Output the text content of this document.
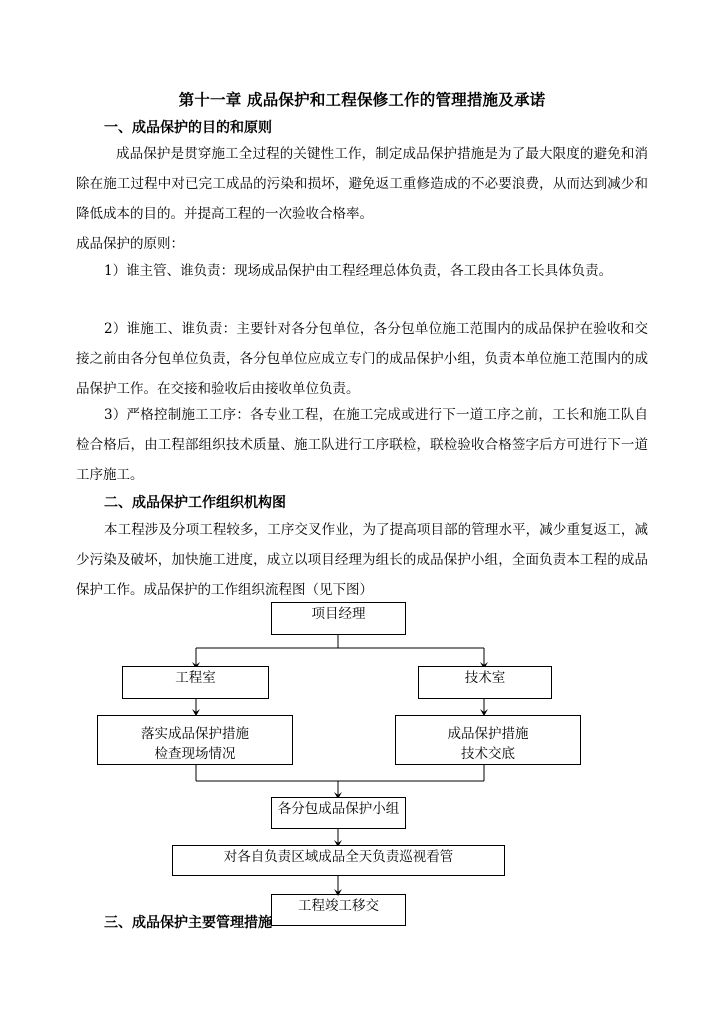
第十一章 成品保护和工程保修工作的管理措施及承诺
一、成品保护的目的和原则

成品保护是贯穿施工全过程的关键性工作，制定成品保护措施是为了最大限度的避免和消除在施工过程中对已完工成品的污染和损坏，避免返工重修造成的不必要浪费，从而达到减少和降低成本的目的。并提高工程的一次验收合格率。

成品保护的原则：

1）谁主管、谁负责：现场成品保护由工程经理总体负责，各工段由各工长具体负责。

2）谁施工、谁负责：主要针对各分包单位，各分包单位施工范围内的成品保护在验收和交接之前由各分包单位负责，各分包单位应成立专门的成品保护小组，负责本单位施工范围内的成品保护工作。在交接和验收后由接收单位负责。

3）严格控制施工工序：各专业工程，在施工完成或进行下一道工序之前，工长和施工队自检合格后，由工程部组织技术质量、施工队进行工序联检，联检验收合格签字后方可进行下一道工序施工。

二、成品保护工作组织机构图

本工程涉及分项工程较多，工序交叉作业，为了提高项目部的管理水平，减少重复返工，减少污染及破坏，加快施工进度，成立以项目经理为组长的成品保护小组，全面负责本工程的成品保护工作。成品保护的工作组织流程图（见下图）

项目经理
工程室	技术室
落实成品保护措施
检查现场情况
成品保护措施
技术交底
各分包成品保护小组
对各自负责区域成品全天负责巡视看管
三、成品保护主要管理措施
工程竣工移交
